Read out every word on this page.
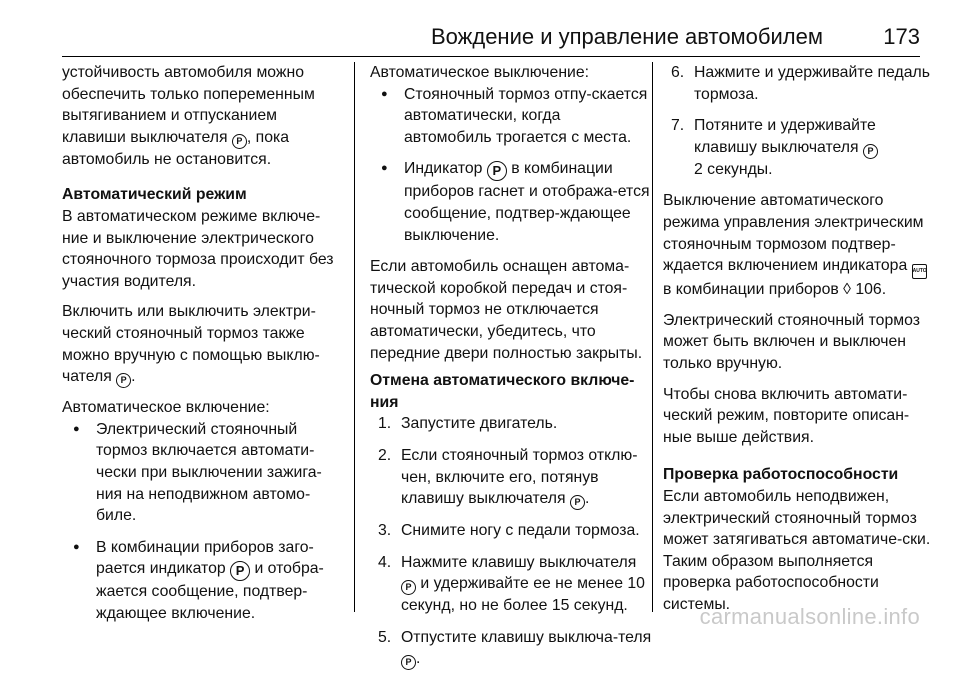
Вождение и управление автомобилем	173

устойчивость автомобиля можно обеспечить только попеременным вытягиванием и отпусканием клавиши выключателя P , пока автомобиль не остановится.

Автоматический режим

В автоматическом режиме включе-ние и выключение электрического стояночного тормоза происходит без участия водителя.

Включить или выключить электри-ческий стояночный тормоз также можно вручную с помощью выклю-чателя P .

Автоматическое включение:

● Электрический стояночный тормоз включается автомати-чески при выключении зажига-ния на неподвижном автомо-биле.
● В комбинации приборов заго-рается индикатор P и отобра-жается сообщение, подтвер-ждающее включение.

Автоматическое выключение:

● Стояночный тормоз отпу-скается автоматически, когда автомобиль трогается с места.
● Индикатор P в комбинации приборов гаснет и отобража-ется сообщение, подтвер-ждающее выключение.

Если автомобиль оснащен автома-тической коробкой передач и стоя-ночный тормоз не отключается автоматически, убедитесь, что передние двери полностью закрыты.

Отмена автоматического включе-ния
1. Запустите двигатель.
2. Если стояночный тормоз отклю-чен, включите его, потянув клавишу выключателя P .
3. Снимите ногу с педали тормоза.
4. Нажмите клавишу выключателя P и удерживайте ее не менее 10 секунд, но не более 15 секунд.
5. Отпустите клавишу выключа-теля P .
6. Нажмите и удерживайте педаль тормоза.
7. Потяните и удерживайте клавишу выключателя P
2 секунды.

Выключение автоматического режима управления электрическим стояночным тормозом подтвер-ждается включением индикатора AUTO в комбинации приборов ◊ 106.

Электрический стояночный тормоз может быть включен и выключен только вручную.

Чтобы снова включить автомати-ческий режим, повторите описан-ные выше действия.

Проверка работоспособности

Если автомобиль неподвижен, электрический стояночный тормоз может затягиваться автоматиче-ски. Таким образом выполняется проверка работоспособности системы.

carmanualsonline.info
